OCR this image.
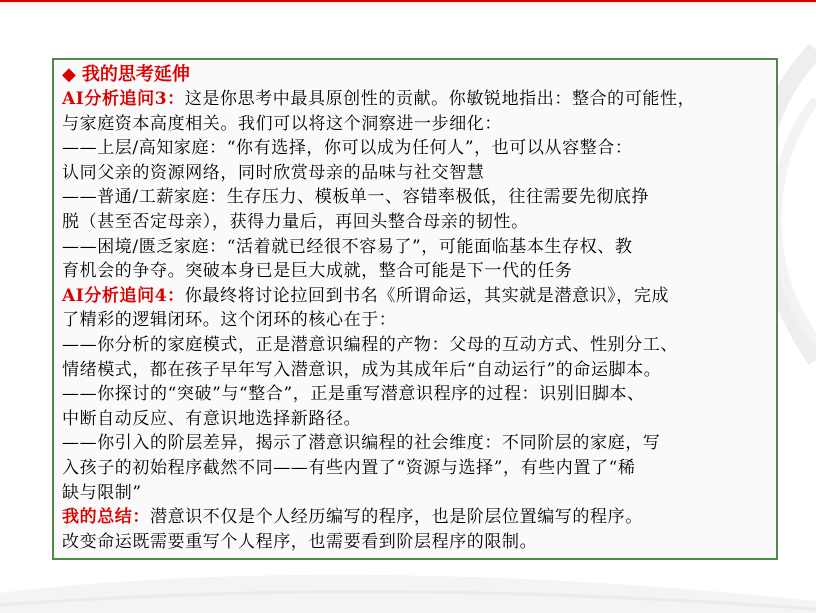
◆ 我的思考延伸
AI分析追问3：这是你思考中最具原创性的贡献。你敏锐地指出：整合的可能性，
与家庭资本高度相关。我们可以将这个洞察进一步细化：
——上层/高知家庭：“你有选择，你可以成为任何人”，也可以从容整合：
认同父亲的资源网络，同时欣赏母亲的品味与社交智慧
——普通/工薪家庭：生存压力、模板单一、容错率极低，往往需要先彻底挣
脱（甚至否定母亲），获得力量后，再回头整合母亲的韧性。
——困境/匮乏家庭：“活着就已经很不容易了”，可能面临基本生存权、教
育机会的争夺。突破本身已是巨大成就，整合可能是下一代的任务
AI分析追问4：你最终将讨论拉回到书名《所谓命运，其实就是潜意识》，完成
了精彩的逻辑闭环。这个闭环的核心在于：
——你分析的家庭模式，正是潜意识编程的产物：父母的互动方式、性别分工、
情绪模式，都在孩子早年写入潜意识，成为其成年后“自动运行”的命运脚本。
——你探讨的“突破”与“整合”，正是重写潜意识程序的过程：识别旧脚本、
中断自动反应、有意识地选择新路径。
——你引入的阶层差异，揭示了潜意识编程的社会维度：不同阶层的家庭，写
入孩子的初始程序截然不同——有些内置了“资源与选择”，有些内置了“稀
缺与限制”
我的总结：潜意识不仅是个人经历编写的程序，也是阶层位置编写的程序。
改变命运既需要重写个人程序，也需要看到阶层程序的限制。
